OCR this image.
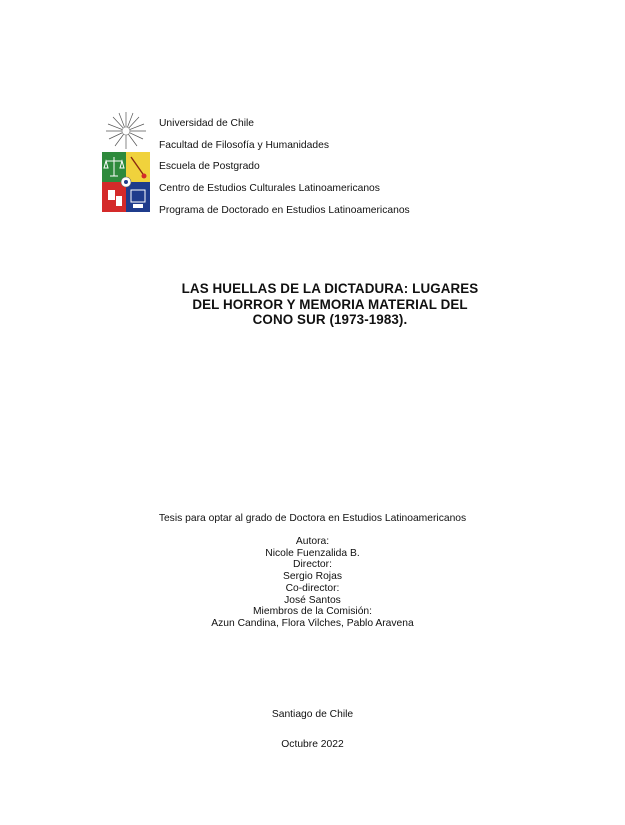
Universidad de Chile
Facultad de Filosofía y Humanidades
Escuela de Postgrado
Centro de Estudios Culturales Latinoamericanos
Programa de Doctorado en Estudios Latinoamericanos
LAS HUELLAS DE LA DICTADURA: LUGARES
DEL HORROR Y MEMORIA MATERIAL DEL
CONO SUR (1973-1983).
Tesis para optar al grado de Doctora en Estudios Latinoamericanos
Autora:
Nicole Fuenzalida B.
Director:
Sergio Rojas
Co-director:
José Santos
Miembros de la Comisión:
Azun Candina, Flora Vilches, Pablo Aravena
Santiago de Chile
Octubre 2022
